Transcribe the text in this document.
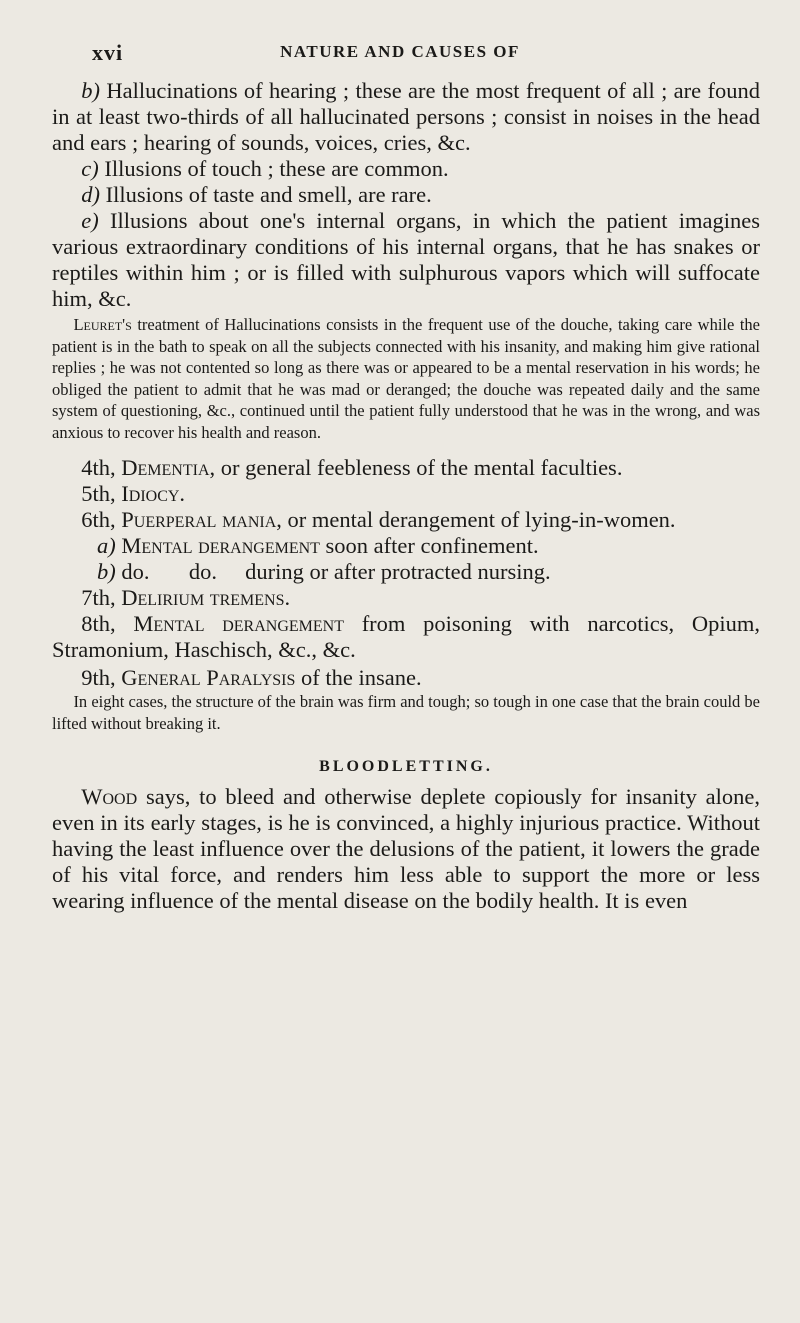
xvi	NATURE AND CAUSES OF

b) Hallucinations of hearing ; these are the most frequent of all ; are found in at least two-thirds of all hallucinated persons ; consist in noises in the head and ears ; hearing of sounds, voices, cries, &c.

c) Illusions of touch ; these are common.

d) Illusions of taste and smell, are rare.

e) Illusions about one's internal organs, in which the patient imagines various extraordinary conditions of his internal organs, that he has snakes or reptiles within him ; or is filled with sulphurous vapors which will suffocate him, &c.

Leuret's treatment of Hallucinations consists in the frequent use of the douche, taking care while the patient is in the bath to speak on all the subjects connected with his insanity, and making him give rational replies ; he was not contented so long as there was or appeared to be a mental reservation in his words; he obliged the patient to admit that he was mad or deranged; the douche was repeated daily and the same system of questioning, &c., continued until the patient fully understood that he was in the wrong, and was anxious to recover his health and reason.

4th, Dementia, or general feebleness of the mental faculties.

5th, Idiocy.

6th, Puerperal mania, or mental derangement of lying-in-women.

a) Mental derangement soon after confinement.

b) do.       do.     during or after protracted nursing.

7th, Delirium tremens.

8th, Mental derangement from poisoning with narcotics, Opium, Stramonium, Haschisch, &c., &c.

9th, General Paralysis of the insane.

In eight cases, the structure of the brain was firm and tough; so tough in one case that the brain could be lifted without breaking it.

BLOODLETTING.

Wood says, to bleed and otherwise deplete copiously for insanity alone, even in its early stages, is he is convinced, a highly injurious practice. Without having the least influence over the delusions of the patient, it lowers the grade of his vital force, and renders him less able to support the more or less wearing influence of the mental disease on the bodily health. It is even
